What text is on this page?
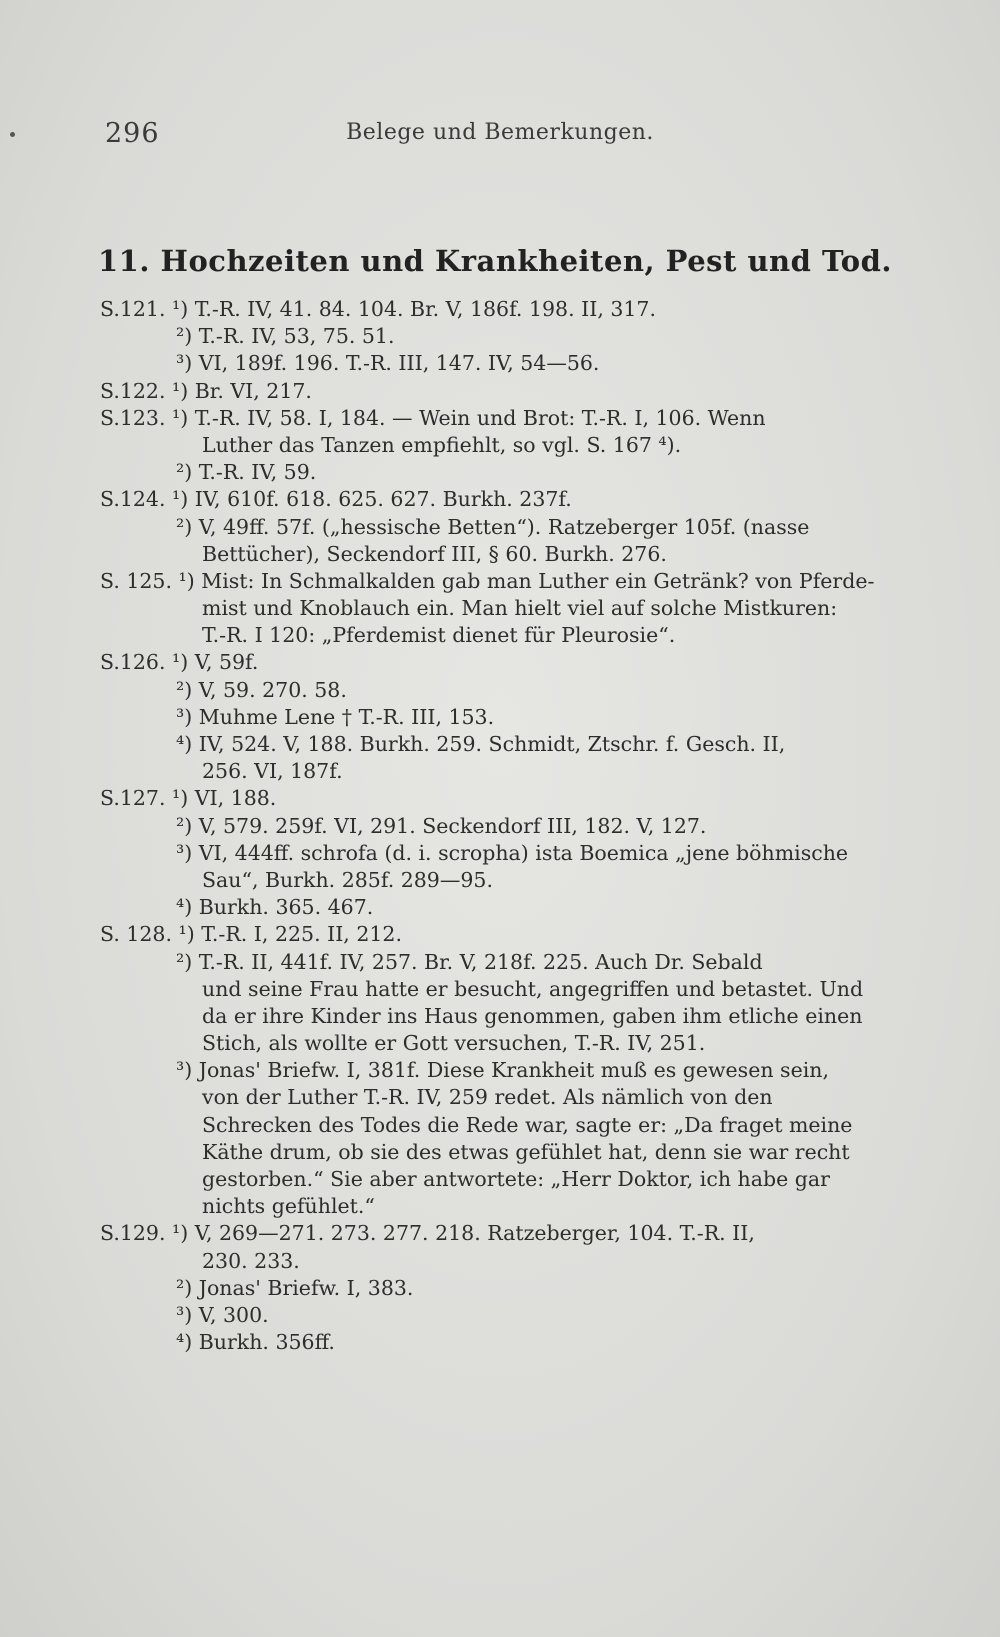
296	Belege und Bemerkungen.
11. Hochzeiten und Krankheiten, Pest und Tod.
S.121. ¹) T.-R. IV, 41. 84. 104. Br. V, 186f. 198. II, 317.
²) T.-R. IV, 53, 75. 51.
³) VI, 189f. 196. T.-R. III, 147. IV, 54—56.
S.122. ¹) Br. VI, 217.
S.123. ¹) T.-R. IV, 58. I, 184. — Wein und Brot: T.-R. I, 106. Wenn
Luther das Tanzen empfiehlt, so vgl. S. 167 ⁴).
²) T.-R. IV, 59.
S.124. ¹) IV, 610f. 618. 625. 627. Burkh. 237f.
²) V, 49ff. 57f. („hessische Betten“). Ratzeberger 105f. (nasse
Bettücher), Seckendorf III, § 60. Burkh. 276.
S. 125. ¹) Mist: In Schmalkalden gab man Luther ein Getränk? von Pferde-
mist und Knoblauch ein. Man hielt viel auf solche Mistkuren:
T.-R. I 120: „Pferdemist dienet für Pleurosie“.
S.126. ¹) V, 59f.
²) V, 59. 270. 58.
³) Muhme Lene † T.-R. III, 153.
⁴) IV, 524. V, 188. Burkh. 259. Schmidt, Ztschr. f. Gesch. II,
256. VI, 187f.
S.127. ¹) VI, 188.
²) V, 579. 259f. VI, 291. Seckendorf III, 182. V, 127.
³) VI, 444ff. schrofa (d. i. scropha) ista Boemica „jene böhmische
Sau“, Burkh. 285f. 289—95.
⁴) Burkh. 365. 467.
S. 128. ¹) T.-R. I, 225. II, 212.
²) T.-R. II, 441f. IV, 257. Br. V, 218f. 225. Auch Dr. Sebald
und seine Frau hatte er besucht, angegriffen und betastet. Und
da er ihre Kinder ins Haus genommen, gaben ihm etliche einen
Stich, als wollte er Gott versuchen, T.-R. IV, 251.
³) Jonas' Briefw. I, 381f. Diese Krankheit muß es gewesen sein,
von der Luther T.-R. IV, 259 redet. Als nämlich von den
Schrecken des Todes die Rede war, sagte er: „Da fraget meine
Käthe drum, ob sie des etwas gefühlet hat, denn sie war recht
gestorben.“ Sie aber antwortete: „Herr Doktor, ich habe gar
nichts gefühlet.“
S.129. ¹) V, 269—271. 273. 277. 218. Ratzeberger, 104. T.-R. II,
230. 233.
²) Jonas' Briefw. I, 383.
³) V, 300.
⁴) Burkh. 356ff.
